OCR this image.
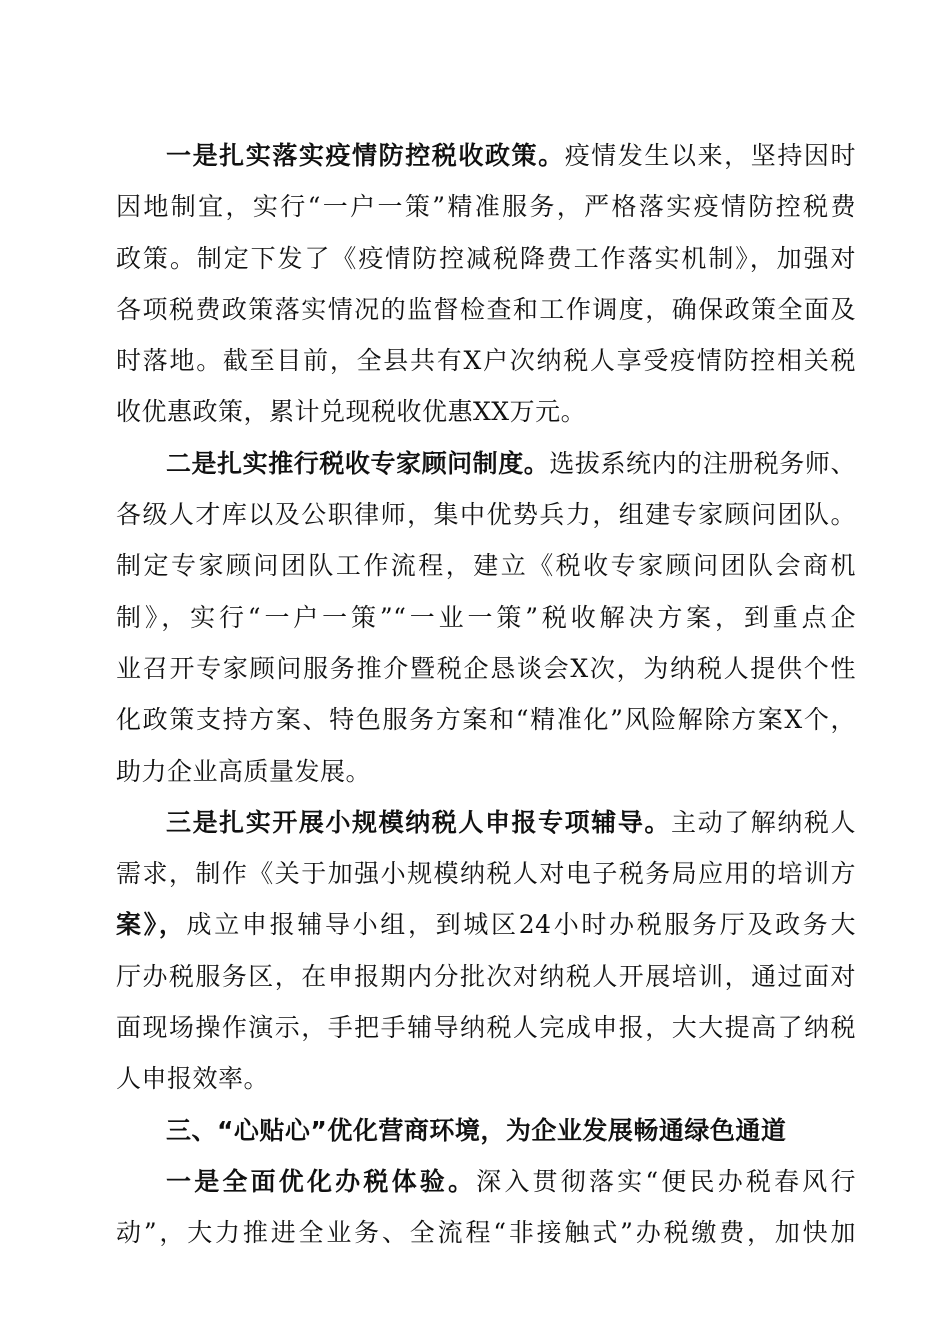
一是扎实落实疫情防控税收政策。疫情发生以来，坚持因时
因地制宜，实行“一户一策”精准服务，严格落实疫情防控税费
政策。制定下发了《疫情防控减税降费工作落实机制》，加强对
各项税费政策落实情况的监督检查和工作调度，确保政策全面及
时落地。截至目前，全县共有X户次纳税人享受疫情防控相关税
收优惠政策，累计兑现税收优惠XX万元。
二是扎实推行税收专家顾问制度。选拔系统内的注册税务师、
各级人才库以及公职律师，集中优势兵力，组建专家顾问团队。
制定专家顾问团队工作流程，建立《税收专家顾问团队会商机
制》，实行“一户一策”“一业一策”税收解决方案，到重点企
业召开专家顾问服务推介暨税企恳谈会X次，为纳税人提供个性
化政策支持方案、特色服务方案和“精准化”风险解除方案X个，
助力企业高质量发展。
三是扎实开展小规模纳税人申报专项辅导。主动了解纳税人
需求，制作《关于加强小规模纳税人对电子税务局应用的培训方
案》，成立申报辅导小组，到城区24小时办税服务厅及政务大
厅办税服务区，在申报期内分批次对纳税人开展培训，通过面对
面现场操作演示，手把手辅导纳税人完成申报，大大提高了纳税
人申报效率。
三、“心贴心”优化营商环境，为企业发展畅通绿色通道
一是全面优化办税体验。深入贯彻落实“便民办税春风行
动”，大力推进全业务、全流程“非接触式”办税缴费，加快加
